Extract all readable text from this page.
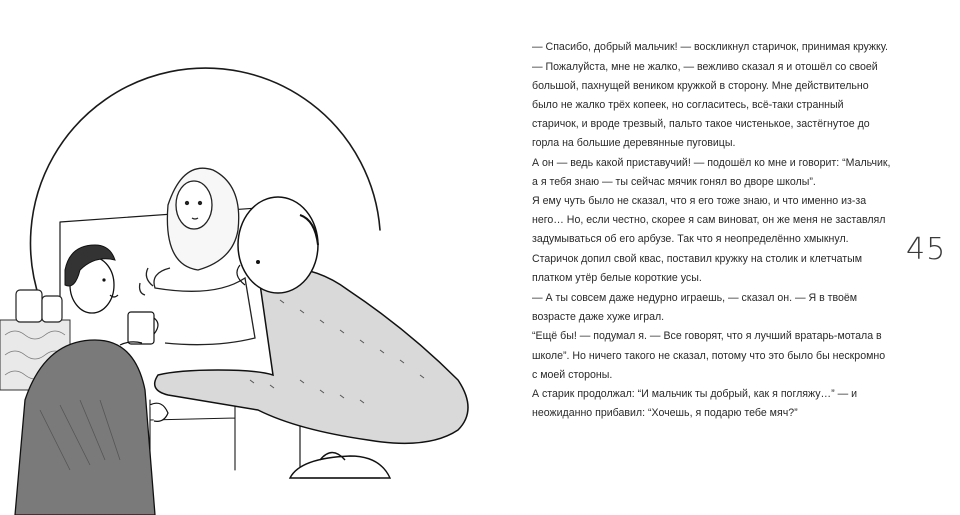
— Спасибо, добрый мальчик! — воскликнул старичок, принимая кружку.

— Пожалуйста, мне не жалко, — вежливо сказал я и отошёл со своей большой, пахнущей веником кружкой в сторону. Мне действительно было не жалко трёх копеек, но согласитесь, всё-таки странный старичок, и вроде трезвый, пальто такое чистенькое, застёгнутое до горла на большие деревянные пуговицы.

А он — ведь какой приставучий! — подошёл ко мне и говорит: “Мальчик, а я тебя знаю — ты сейчас мячик гонял во дворе школы”.

Я ему чуть было не сказал, что я его тоже знаю, и что именно из-за него… Но, если честно, скорее я сам виноват, он же меня не заставлял задумываться об его арбузе. Так что я неопределённо хмыкнул.

Старичок допил свой квас, поставил кружку на столик и клетчатым платком утёр белые короткие усы.

— А ты совсем даже недурно играешь, — сказал он. — Я в твоём возрасте даже хуже играл.

“Ещё бы! — подумал я. — Все говорят, что я лучший вратарь-мотала в школе”. Но ничего такого не сказал, потому что это было бы нескромно с моей стороны.

А старик продолжал: “И мальчик ты добрый, как я погляжу…” — и неожиданно прибавил: “Хочешь, я подарю тебе мяч?”

45
